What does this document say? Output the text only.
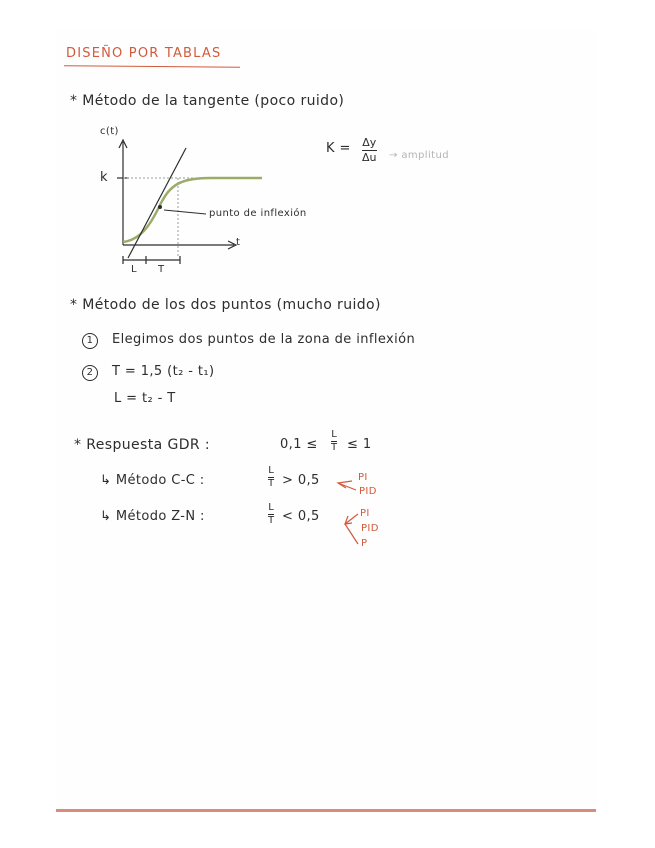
DISEÑO POR TABLAS
* Método de la tangente (poco ruido)
c(t)
k
t
punto de inflexión
L T
K = Δy
Δu → amplitud
* Método de los dos puntos (mucho ruido)
1 Elegimos dos puntos de la zona de inflexión
2 T = 1,5 (t₂ - t₁)
L = t₂ - T
* Respuesta GDR :	0,1 ≤
L
T ≤ 1
↳ Método C-C :
L
T > 0,5	PI
PID
↳ Método Z-N :
L
T < 0,5	PI
PID
P
